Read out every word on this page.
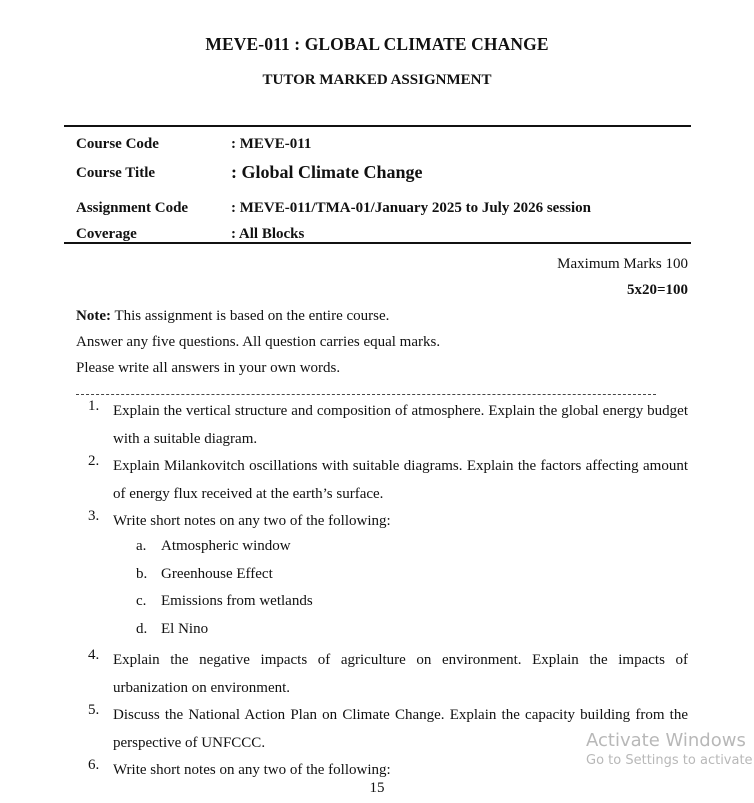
MEVE-011 : GLOBAL CLIMATE CHANGE
TUTOR MARKED ASSIGNMENT
Course Code	: MEVE-011
Course Title	: Global Climate Change
Assignment Code	: MEVE-011/TMA-01/January 2025 to July 2026 session
Coverage	: All Blocks
Maximum Marks 100
5x20=100
Note: This assignment is based on the entire course.
Answer any five questions. All question carries equal marks.
Please write all answers in your own words.
1. Explain the vertical structure and composition of atmosphere. Explain the global energy budget with a suitable diagram.
2. Explain Milankovitch oscillations with suitable diagrams. Explain the factors affecting amount of energy flux received at the earth’s surface.
3. Write short notes on any two of the following:
a. Atmospheric window
b. Greenhouse Effect
c. Emissions from wetlands
d. El Nino
4. Explain the negative impacts of agriculture on environment. Explain the impacts of urbanization on environment.
5. Discuss the National Action Plan on Climate Change. Explain the capacity building from the perspective of UNFCCC.
6. Write short notes on any two of the following:
15
Activate Windows
Go to Settings to activate
